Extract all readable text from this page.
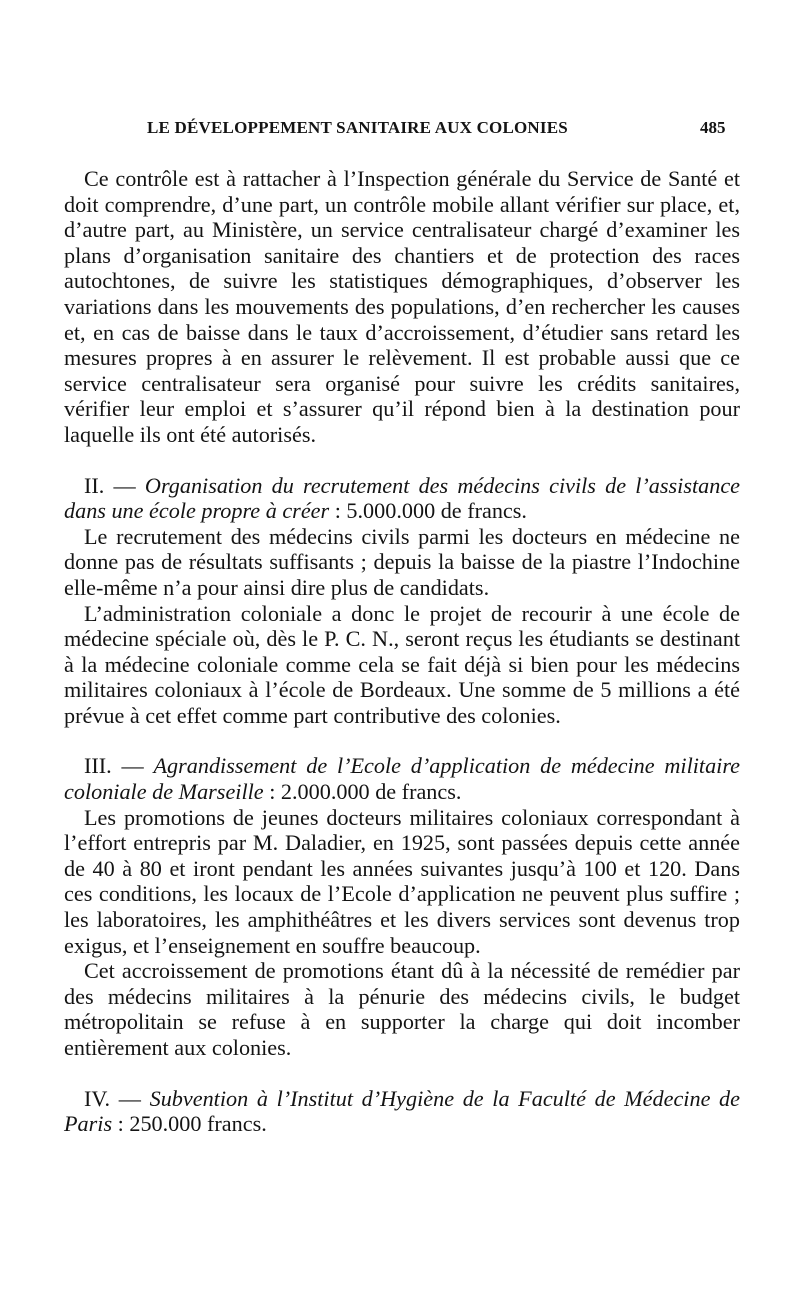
LE DÉVELOPPEMENT SANITAIRE AUX COLONIES	485

Ce contrôle est à rattacher à l’Inspection générale du Service de Santé et doit comprendre, d’une part, un contrôle mobile allant vérifier sur place, et, d’autre part, au Ministère, un service centralisateur chargé d’examiner les plans d’organisation sanitaire des chantiers et de protection des races autochtones, de suivre les statistiques démographiques, d’observer les variations dans les mouvements des populations, d’en rechercher les causes et, en cas de baisse dans le taux d’accroissement, d’étudier sans retard les mesures propres à en assurer le relèvement. Il est probable aussi que ce service centralisateur sera organisé pour suivre les crédits sanitaires, vérifier leur emploi et s’assurer qu’il répond bien à la destination pour laquelle ils ont été autorisés.

II. — Organisation du recrutement des médecins civils de l’assistance dans une école propre à créer : 5.000.000 de francs.

Le recrutement des médecins civils parmi les docteurs en médecine ne donne pas de résultats suffisants ; depuis la baisse de la piastre l’Indochine elle-même n’a pour ainsi dire plus de candidats.

L’administration coloniale a donc le projet de recourir à une école de médecine spéciale où, dès le P. C. N., seront reçus les étudiants se destinant à la médecine coloniale comme cela se fait déjà si bien pour les médecins militaires coloniaux à l’école de Bordeaux. Une somme de 5 millions a été prévue à cet effet comme part contributive des colonies.

III. — Agrandissement de l’Ecole d’application de médecine militaire coloniale de Marseille : 2.000.000 de francs.

Les promotions de jeunes docteurs militaires coloniaux correspondant à l’effort entrepris par M. Daladier, en 1925, sont passées depuis cette année de 40 à 80 et iront pendant les années suivantes jusqu’à 100 et 120. Dans ces conditions, les locaux de l’Ecole d’application ne peuvent plus suffire ; les laboratoires, les amphithéâtres et les divers services sont devenus trop exigus, et l’enseignement en souffre beaucoup.

Cet accroissement de promotions étant dû à la nécessité de remédier par des médecins militaires à la pénurie des médecins civils, le budget métropolitain se refuse à en supporter la charge qui doit incomber entièrement aux colonies.

IV. — Subvention à l’Institut d’Hygiène de la Faculté de Médecine de Paris : 250.000 francs.
